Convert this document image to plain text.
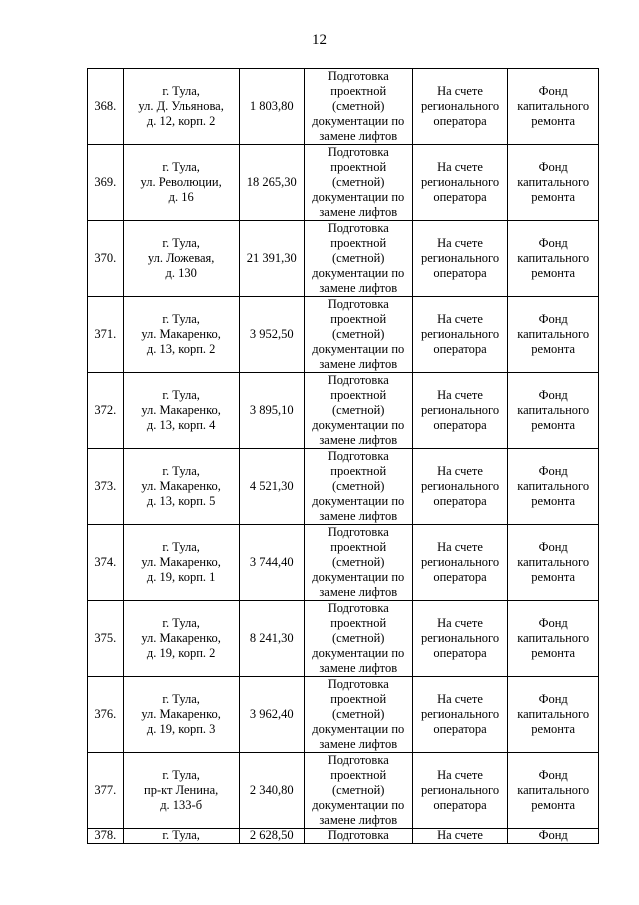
12
368.	г. Тула,
ул. Д. Ульянова,
д. 12, корп. 2	1 803,80	Подготовка
проектной
(сметной)
документации по
замене лифтов	На счете
регионального
оператора	Фонд
капитального
ремонта
369.	г. Тула,
ул. Революции,
д. 16	18 265,30	Подготовка
проектной
(сметной)
документации по
замене лифтов	На счете
регионального
оператора	Фонд
капитального
ремонта
370.	г. Тула,
ул. Ложевая,
д. 130	21 391,30	Подготовка
проектной
(сметной)
документации по
замене лифтов	На счете
регионального
оператора	Фонд
капитального
ремонта
371.	г. Тула,
ул. Макаренко,
д. 13, корп. 2	3 952,50	Подготовка
проектной
(сметной)
документации по
замене лифтов	На счете
регионального
оператора	Фонд
капитального
ремонта
372.	г. Тула,
ул. Макаренко,
д. 13, корп. 4	3 895,10	Подготовка
проектной
(сметной)
документации по
замене лифтов	На счете
регионального
оператора	Фонд
капитального
ремонта
373.	г. Тула,
ул. Макаренко,
д. 13, корп. 5	4 521,30	Подготовка
проектной
(сметной)
документации по
замене лифтов	На счете
регионального
оператора	Фонд
капитального
ремонта
374.	г. Тула,
ул. Макаренко,
д. 19, корп. 1	3 744,40	Подготовка
проектной
(сметной)
документации по
замене лифтов	На счете
регионального
оператора	Фонд
капитального
ремонта
375.	г. Тула,
ул. Макаренко,
д. 19, корп. 2	8 241,30	Подготовка
проектной
(сметной)
документации по
замене лифтов	На счете
регионального
оператора	Фонд
капитального
ремонта
376.	г. Тула,
ул. Макаренко,
д. 19, корп. 3	3 962,40	Подготовка
проектной
(сметной)
документации по
замене лифтов	На счете
регионального
оператора	Фонд
капитального
ремонта
377.	г. Тула,
пр-кт Ленина,
д. 133-б	2 340,80	Подготовка
проектной
(сметной)
документации по
замене лифтов	На счете
регионального
оператора	Фонд
капитального
ремонта
378.	г. Тула,	2 628,50	Подготовка	На счете	Фонд
